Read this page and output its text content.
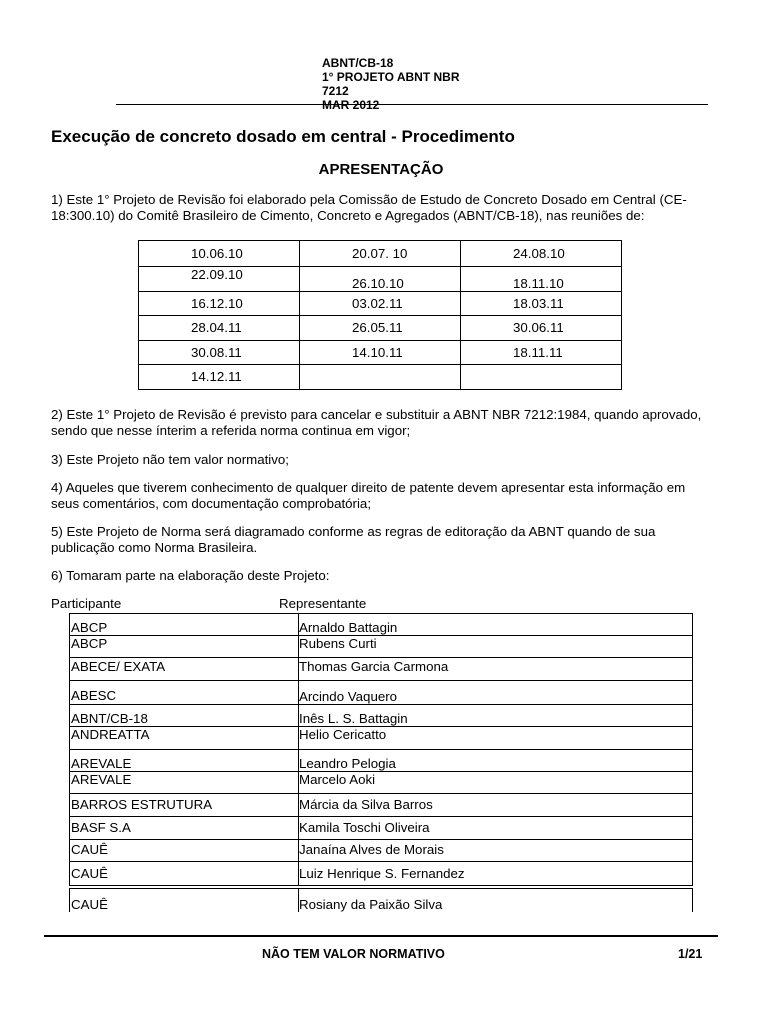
ABNT/CB-18
1° PROJETO ABNT NBR
7212
MAR 2012
Execução de concreto dosado em central - Procedimento
APRESENTAÇÃO

1) Este 1° Projeto de Revisão foi elaborado pela Comissão de Estudo de Concreto Dosado em Central (CE-18:300.10) do Comitê Brasileiro de Cimento, Concreto e Agregados (ABNT/CB-18), nas reuniões de:

10.06.10	20.07. 10	24.08.10
22.09.10	26.10.10	18.11.10
16.12.10	03.02.11	18.03.11
28.04.11	26.05.11	30.06.11
30.08.11	14.10.11	18.11.11
14.12.11		

2) Este 1° Projeto de Revisão é previsto para cancelar e substituir a ABNT NBR 7212:1984, quando aprovado, sendo que nesse ínterim a referida norma continua em vigor;

3) Este Projeto não tem valor normativo;

4) Aqueles que tiverem conhecimento de qualquer direito de patente devem apresentar esta informação em seus comentários, com documentação comprobatória;

5) Este Projeto de Norma será diagramado conforme as regras de editoração da ABNT quando de sua publicação como Norma Brasileira.

6) Tomaram parte na elaboração deste Projeto:

Participante	Representante
ABCP	Arnaldo Battagin
ABCP	Rubens Curti
ABECE/ EXATA	Thomas Garcia Carmona
ABESC	Arcindo Vaquero
ABNT/CB-18	Inês L. S. Battagin
ANDREATTA	Helio Cericatto
AREVALE	Leandro Pelogia
AREVALE	Marcelo Aoki
BARROS ESTRUTURA	Márcia da Silva Barros
BASF S.A	Kamila Toschi Oliveira
CAUÊ	Janaína Alves de Morais
CAUÊ	Luiz Henrique S. Fernandez
CAUÊ	Rosiany da Paixão Silva
NÃO TEM VALOR NORMATIVO	1/21
